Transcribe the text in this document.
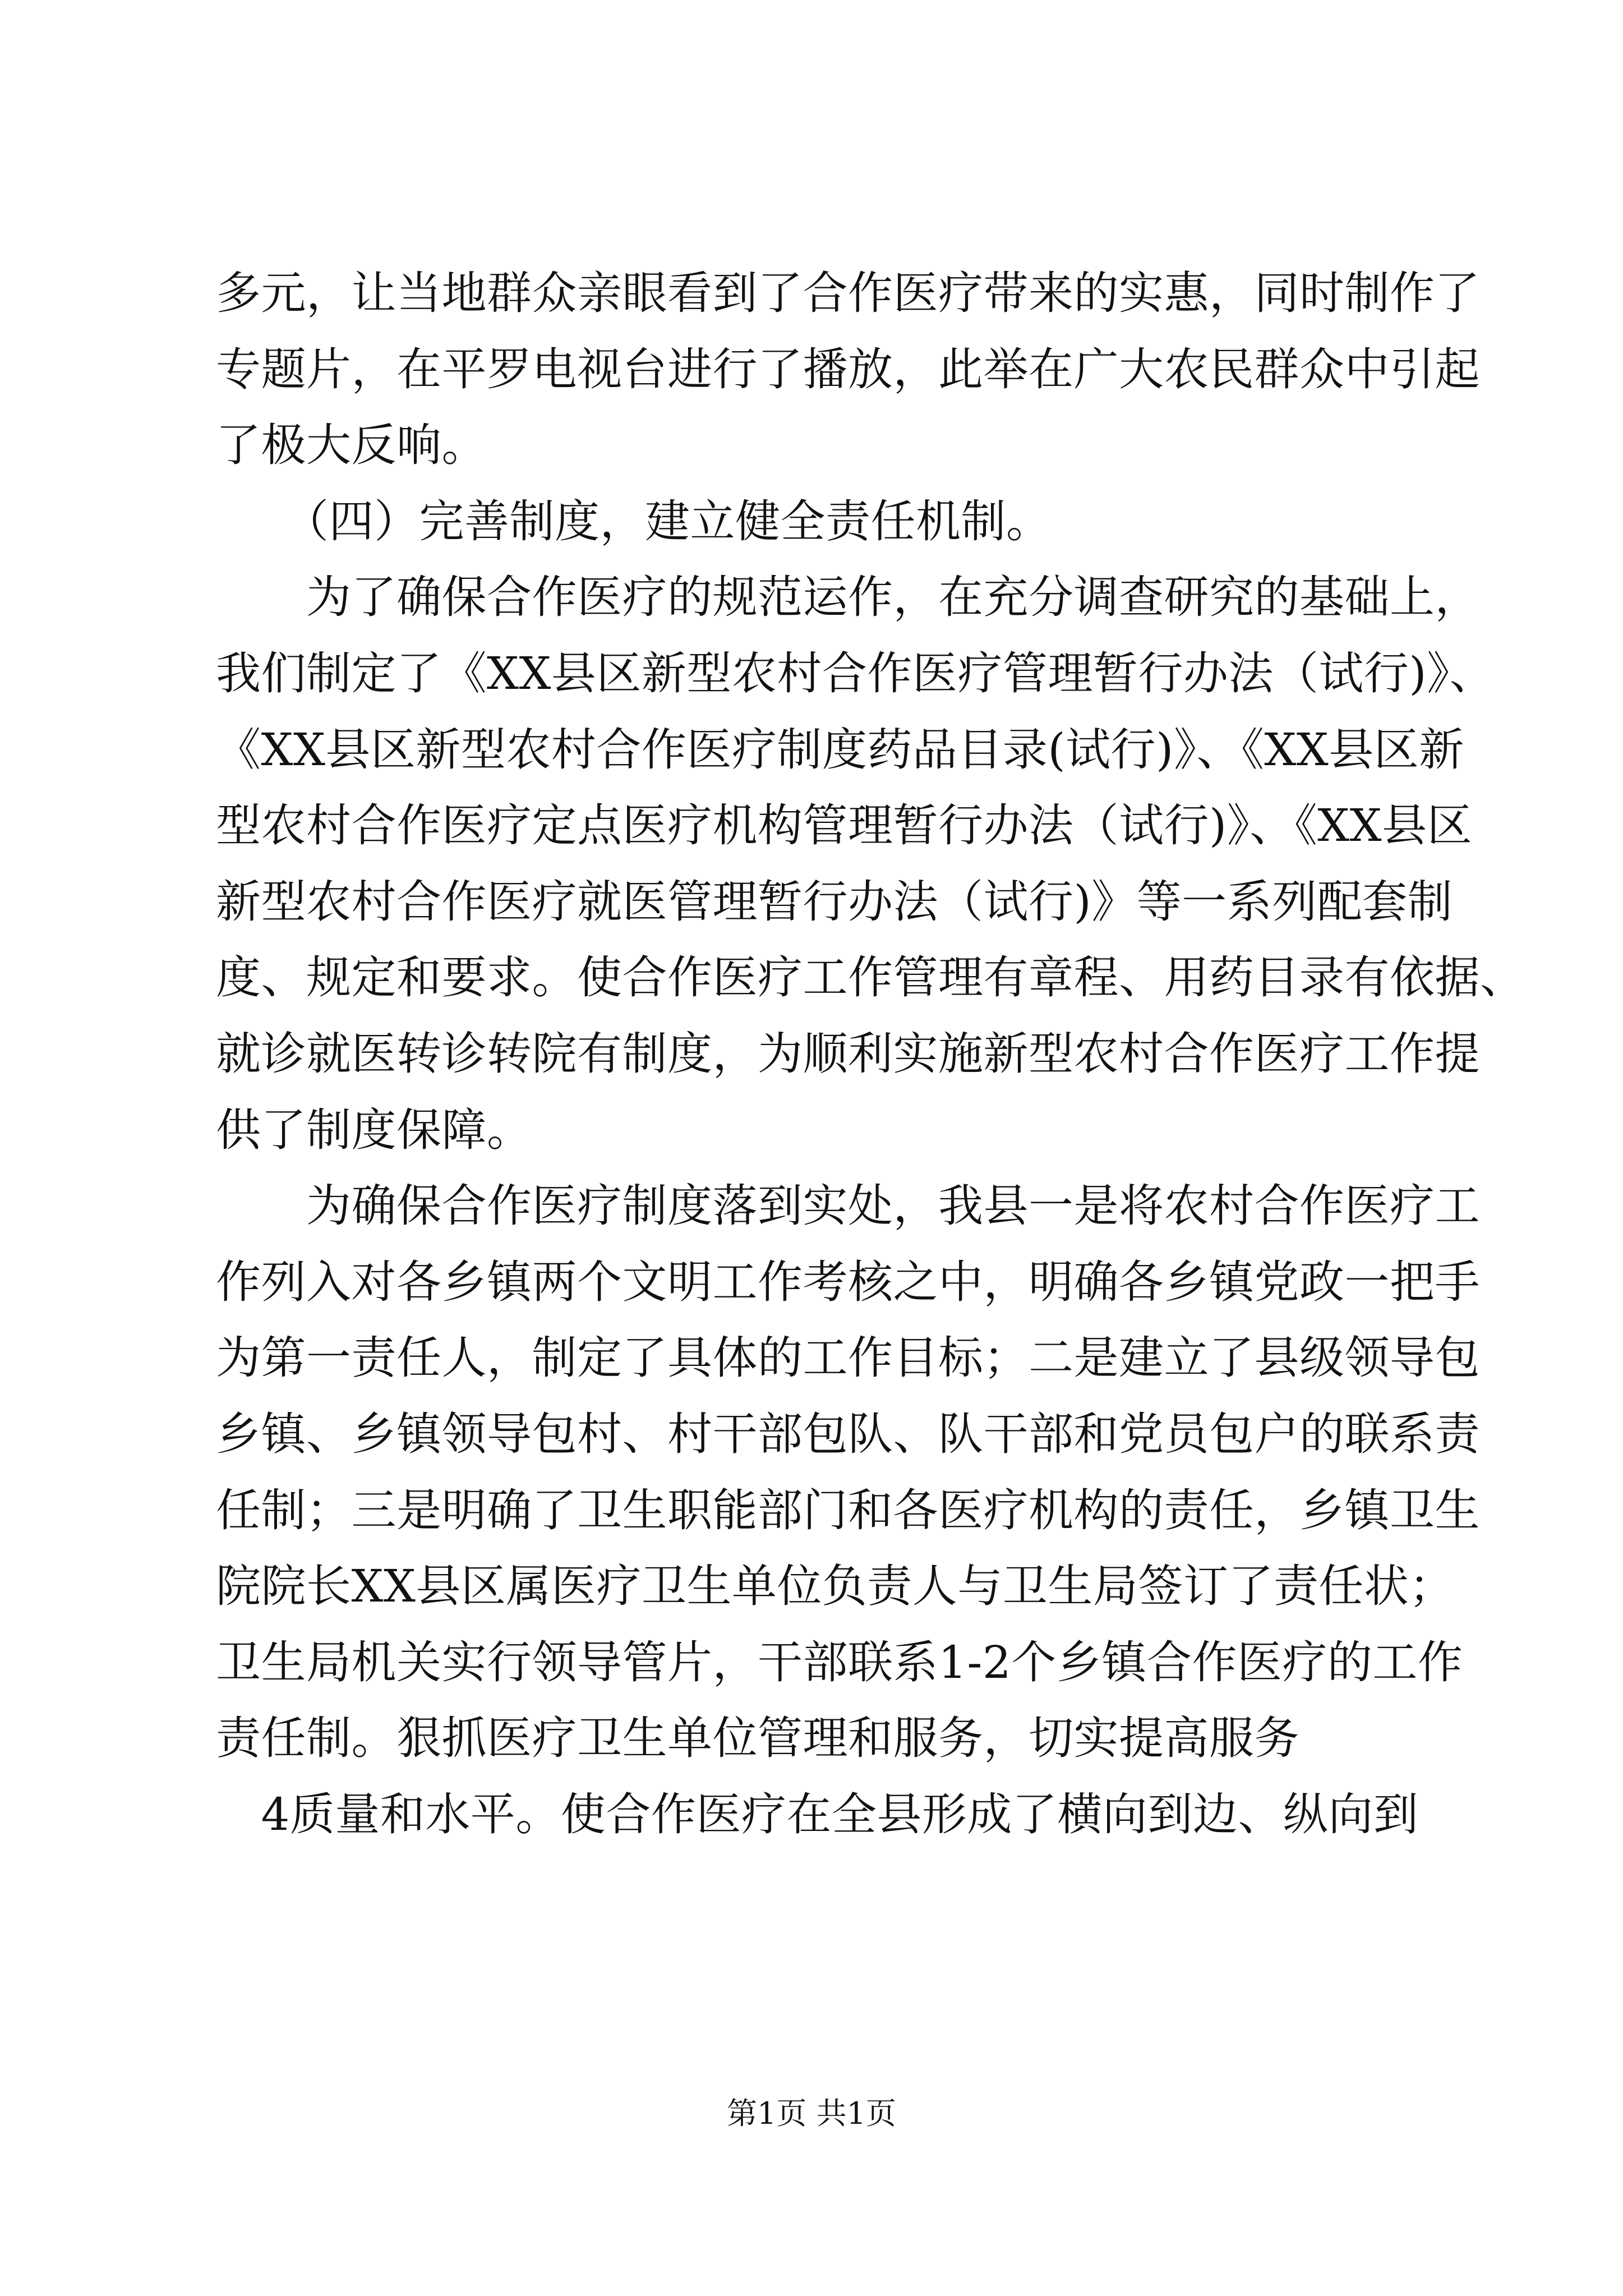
多元，让当地群众亲眼看到了合作医疗带来的实惠，同时制作了
专题片，在平罗电视台进行了播放，此举在广大农民群众中引起
了极大反响。
　　（四）完善制度，建立健全责任机制。
　　为了确保合作医疗的规范运作，在充分调查研究的基础上，
我们制定了《XX县区新型农村合作医疗管理暂行办法（试行)》、
《XX县区新型农村合作医疗制度药品目录(试行)》、《XX县区新
型农村合作医疗定点医疗机构管理暂行办法（试行)》、《XX县区
新型农村合作医疗就医管理暂行办法（试行)》等一系列配套制
度、规定和要求。使合作医疗工作管理有章程、用药目录有依据、
就诊就医转诊转院有制度，为顺利实施新型农村合作医疗工作提
供了制度保障。
　　为确保合作医疗制度落到实处，我县一是将农村合作医疗工
作列入对各乡镇两个文明工作考核之中，明确各乡镇党政一把手
为第一责任人，制定了具体的工作目标；二是建立了县级领导包
乡镇、乡镇领导包村、村干部包队、队干部和党员包户的联系责
任制；三是明确了卫生职能部门和各医疗机构的责任，乡镇卫生
院院长XX县区属医疗卫生单位负责人与卫生局签订了责任状；
卫生局机关实行领导管片，干部联系1-2个乡镇合作医疗的工作
责任制。狠抓医疗卫生单位管理和服务，切实提高服务
　4质量和水平。使合作医疗在全县形成了横向到边、纵向到
第1页 共1页
